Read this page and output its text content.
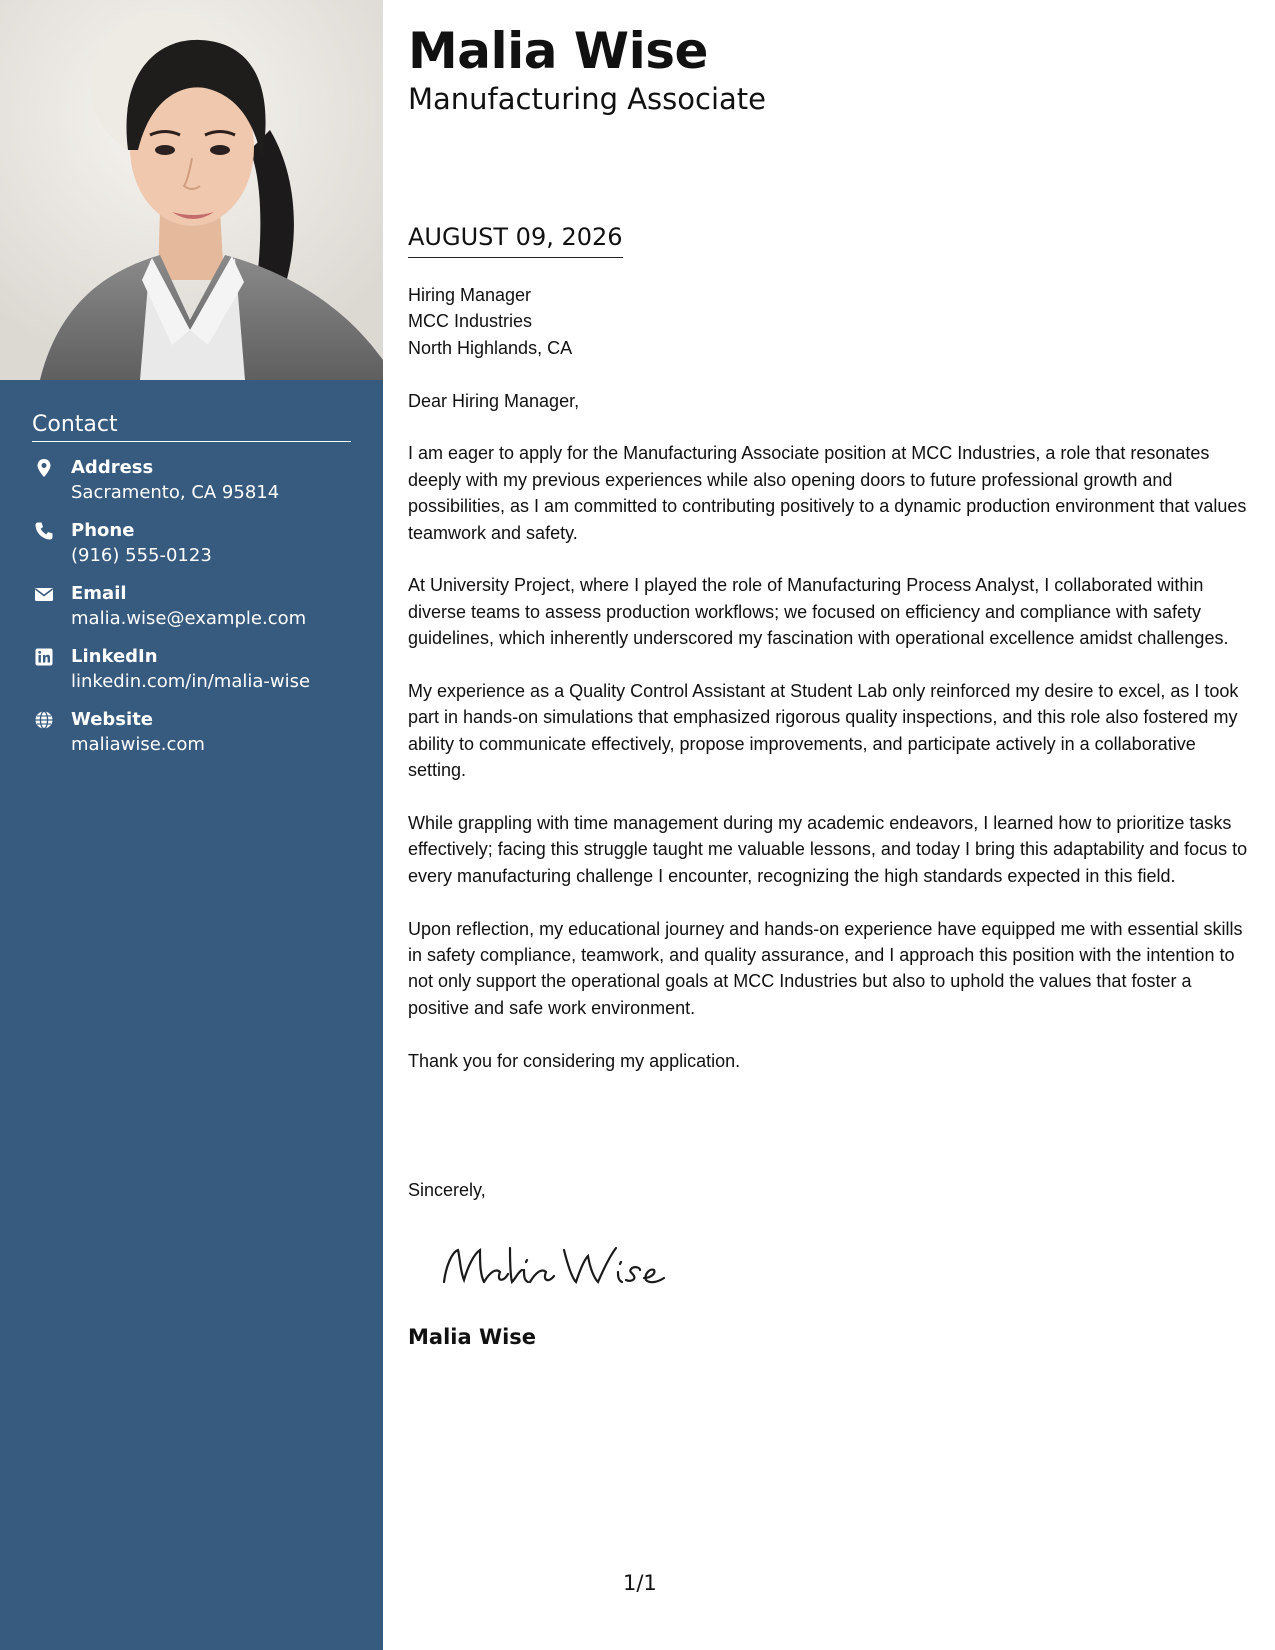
Contact
Address
Sacramento, CA 95814
Phone
(916) 555-0123
Email
malia.wise@example.com
LinkedIn
linkedin.com/in/malia-wise
Website
maliawise.com
Malia Wise
Manufacturing Associate
AUGUST 09, 2026
Hiring Manager
MCC Industries
North Highlands, CA
Dear Hiring Manager,
I am eager to apply for the Manufacturing Associate position at MCC Industries, a role that resonates deeply with my previous experiences while also opening doors to future professional growth and possibilities, as I am committed to contributing positively to a dynamic production environment that values teamwork and safety.
At University Project, where I played the role of Manufacturing Process Analyst, I collaborated within diverse teams to assess production workflows; we focused on efficiency and compliance with safety guidelines, which inherently underscored my fascination with operational excellence amidst challenges.
My experience as a Quality Control Assistant at Student Lab only reinforced my desire to excel, as I took part in hands-on simulations that emphasized rigorous quality inspections, and this role also fostered my ability to communicate effectively, propose improvements, and participate actively in a collaborative setting.
While grappling with time management during my academic endeavors, I learned how to prioritize tasks effectively; facing this struggle taught me valuable lessons, and today I bring this adaptability and focus to every manufacturing challenge I encounter, recognizing the high standards expected in this field.
Upon reflection, my educational journey and hands-on experience have equipped me with essential skills in safety compliance, teamwork, and quality assurance, and I approach this position with the intention to not only support the operational goals at MCC Industries but also to uphold the values that foster a positive and safe work environment.
Thank you for considering my application.
Sincerely,
Malia Wise
1/1
